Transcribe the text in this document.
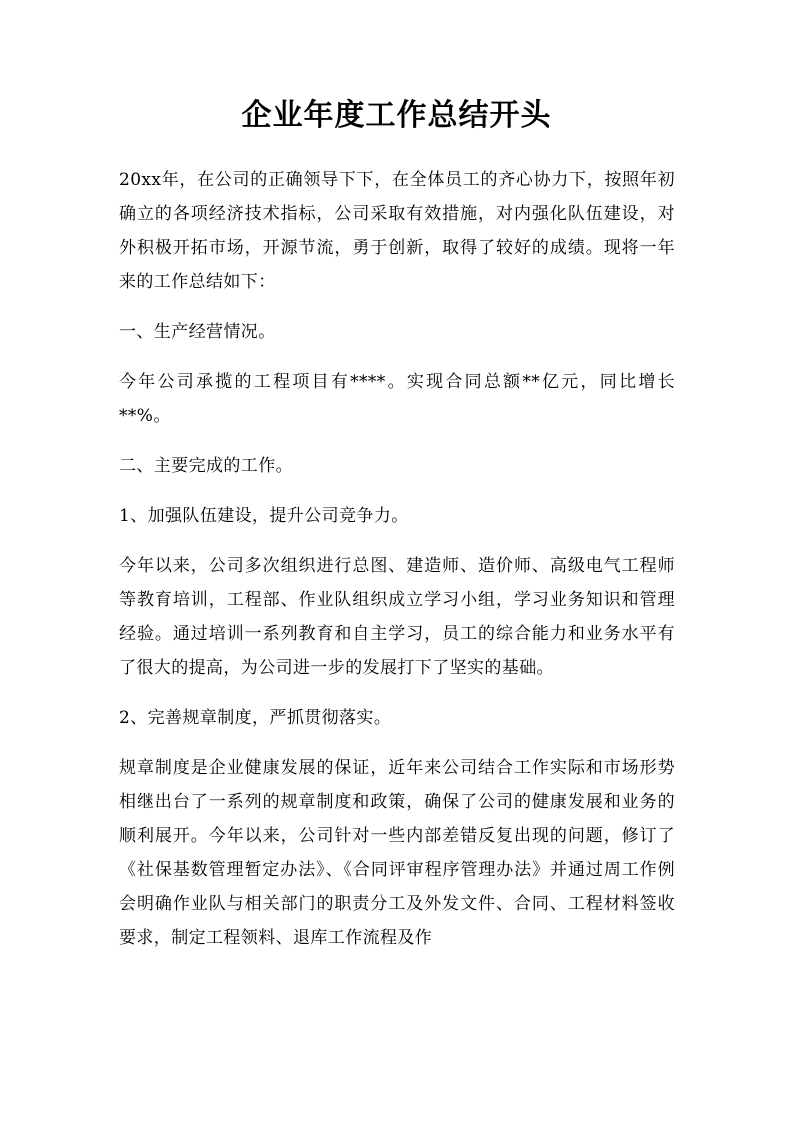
企业年度工作总结开头

20xx年，在公司的正确领导下下，在全体员工的齐心协力下，按照年初确立的各项经济技术指标，公司采取有效措施，对内强化队伍建设，对外积极开拓市场，开源节流，勇于创新，取得了较好的成绩。现将一年来的工作总结如下：

一、生产经营情况。

今年公司承揽的工程项目有****。实现合同总额**亿元，同比增长**%。

二、主要完成的工作。

1、加强队伍建设，提升公司竞争力。

今年以来，公司多次组织进行总图、建造师、造价师、高级电气工程师等教育培训，工程部、作业队组织成立学习小组，学习业务知识和管理经验。通过培训一系列教育和自主学习，员工的综合能力和业务水平有了很大的提高，为公司进一步的发展打下了坚实的基础。

2、完善规章制度，严抓贯彻落实。

规章制度是企业健康发展的保证，近年来公司结合工作实际和市场形势相继出台了一系列的规章制度和政策，确保了公司的健康发展和业务的顺利展开。今年以来，公司针对一些内部差错反复出现的问题，修订了《社保基数管理暂定办法》、《合同评审程序管理办法》并通过周工作例会明确作业队与相关部门的职责分工及外发文件、合同、工程材料签收要求，制定工程领料、退库工作流程及作
